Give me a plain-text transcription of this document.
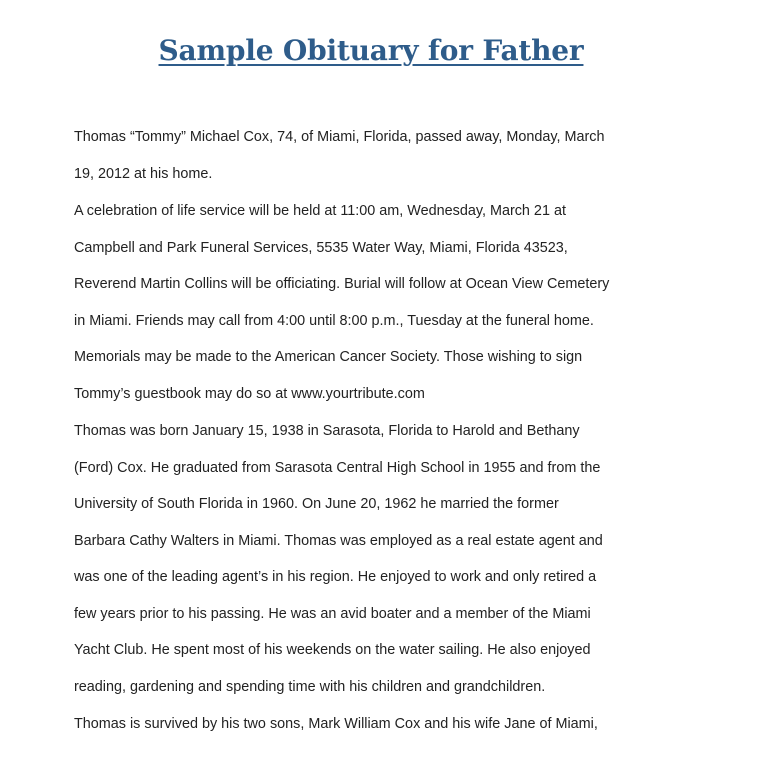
Sample Obituary for Father

Thomas “Tommy” Michael Cox, 74, of Miami, Florida, passed away, Monday, March
19, 2012 at his home.

A celebration of life service will be held at 11:00 am, Wednesday, March 21 at
Campbell and Park Funeral Services, 5535 Water Way, Miami, Florida 43523,
Reverend Martin Collins will be officiating. Burial will follow at Ocean View Cemetery
in Miami. Friends may call from 4:00 until 8:00 p.m., Tuesday at the funeral home.
Memorials may be made to the American Cancer Society. Those wishing to sign
Tommy’s guestbook may do so at www.yourtribute.com

Thomas was born January 15, 1938 in Sarasota, Florida to Harold and Bethany
(Ford) Cox. He graduated from Sarasota Central High School in 1955 and from the
University of South Florida in 1960. On June 20, 1962 he married the former
Barbara Cathy Walters in Miami. Thomas was employed as a real estate agent and
was one of the leading agent’s in his region. He enjoyed to work and only retired a
few years prior to his passing. He was an avid boater and a member of the Miami
Yacht Club. He spent most of his weekends on the water sailing. He also enjoyed
reading, gardening and spending time with his children and grandchildren.

Thomas is survived by his two sons, Mark William Cox and his wife Jane of Miami,
